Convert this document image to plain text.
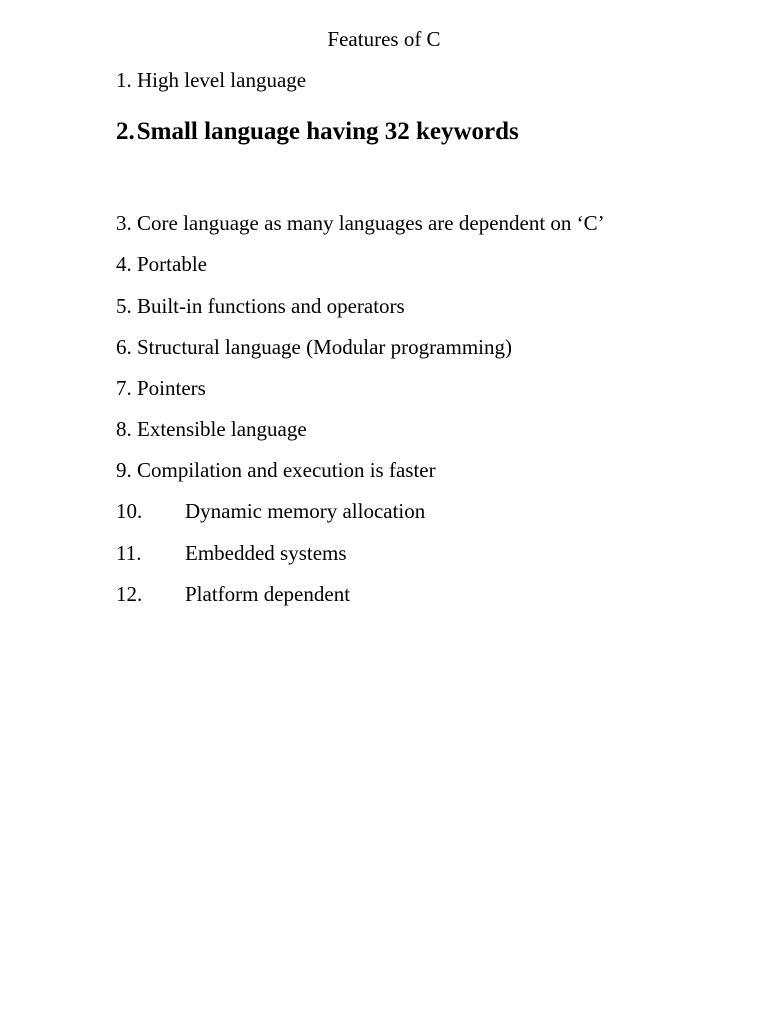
Features of C
1. High level language
2.Small language having 32 keywords
3. Core language as many languages are dependent on ‘C’
4. Portable
5. Built-in functions and operators
6. Structural language (Modular programming)
7. Pointers
8. Extensible language
9. Compilation and execution is faster
10. Dynamic memory allocation
11. Embedded systems
12. Platform dependent
